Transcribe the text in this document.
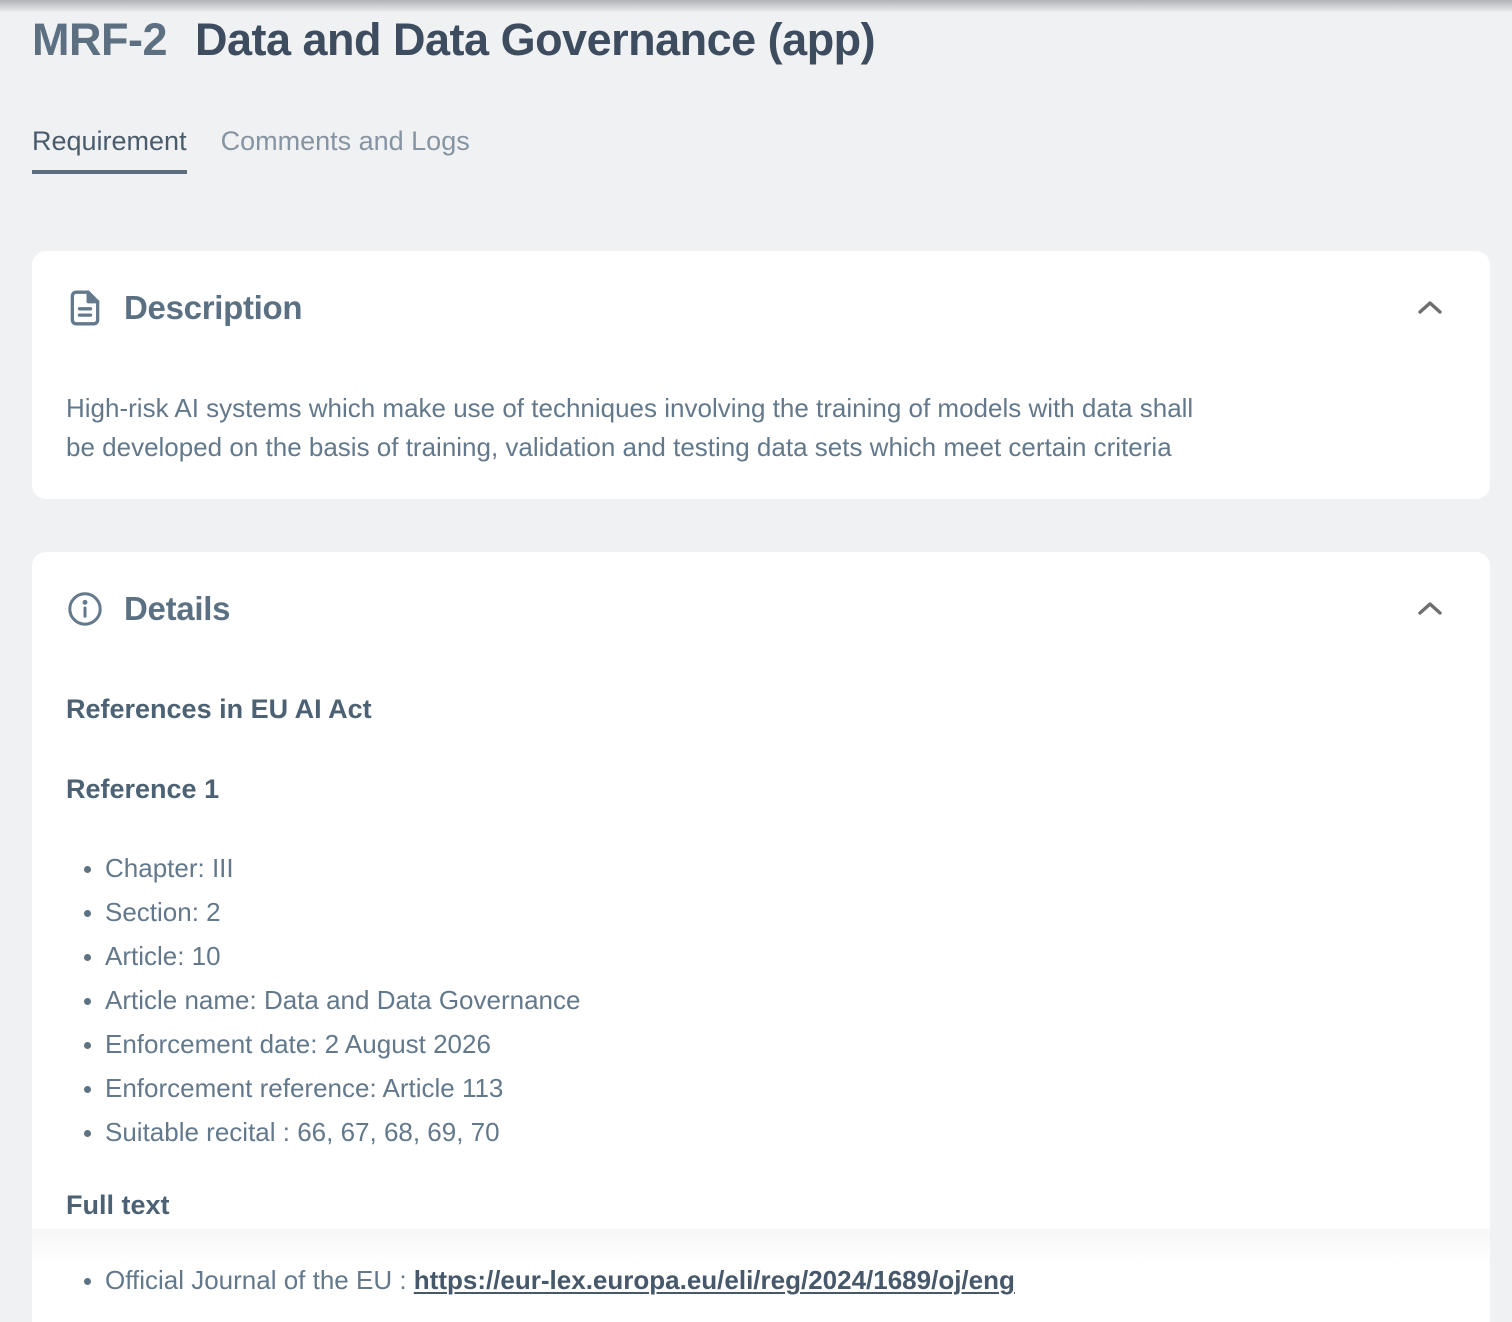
MRF-2 Data and Data Governance (app)
Requirement Comments and Logs
Description

High-risk AI systems which make use of techniques involving the training of models with data shall

be developed on the basis of training, validation and testing data sets which meet certain criteria

Details
References in EU AI Act
Reference 1
• Chapter: III
• Section: 2
• Article: 10
• Article name: Data and Data Governance
• Enforcement date: 2 August 2026
• Enforcement reference: Article 113
• Suitable recital : 66, 67, 68, 69, 70
Full text
• Official Journal of the EU : https://eur-lex.europa.eu/eli/reg/2024/1689/oj/eng
